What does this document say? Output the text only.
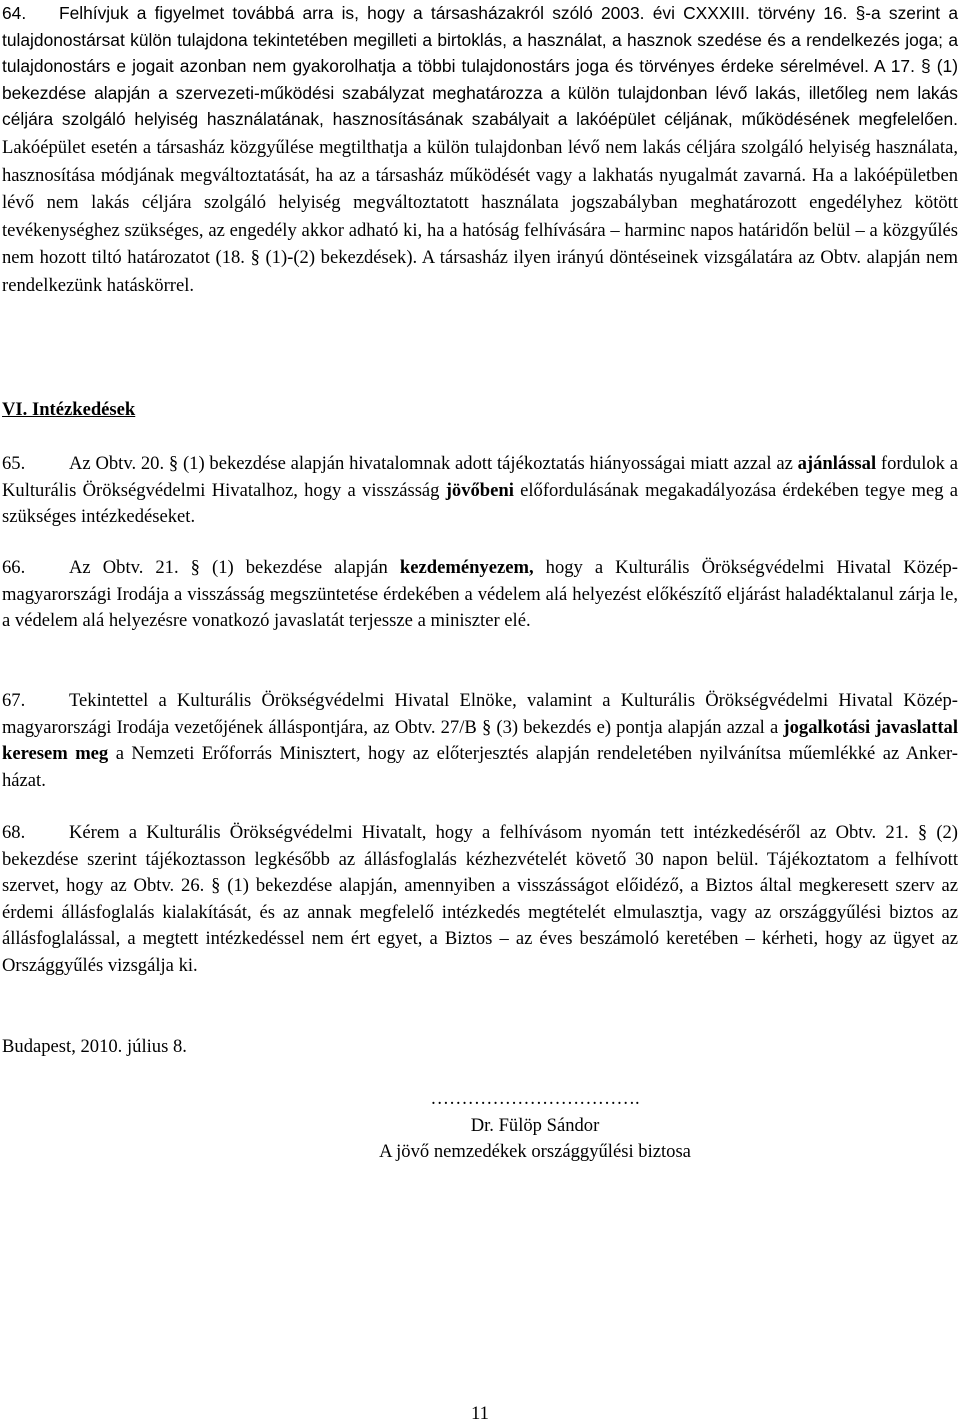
64. Felhívjuk a figyelmet továbbá arra is, hogy a társasházakról szóló 2003. évi CXXXIII. törvény 16. §-a szerint a tulajdonostársat külön tulajdona tekintetében megilleti a birtoklás, a használat, a hasznok szedése és a rendelkezés joga; a tulajdonostárs e jogait azonban nem gyakorolhatja a többi tulajdonostárs joga és törvényes érdeke sérelmével. A 17. § (1) bekezdése alapján a szervezeti-működési szabályzat meghatározza a külön tulajdonban lévő lakás, illetőleg nem lakás céljára szolgáló helyiség használatának, hasznosításának szabályait a lakóépület céljának, működésének megfelelően. Lakóépület esetén a társasház közgyűlése megtilthatja a külön tulajdonban lévő nem lakás céljára szolgáló helyiség használata, hasznosítása módjának megváltoztatását, ha az a társasház működését vagy a lakhatás nyugalmát zavarná. Ha a lakóépületben lévő nem lakás céljára szolgáló helyiség megváltoztatott használata jogszabályban meghatározott engedélyhez kötött tevékenységhez szükséges, az engedély akkor adható ki, ha a hatóság felhívására – harminc napos határidőn belül – a közgyűlés nem hozott tiltó határozatot (18. § (1)-(2) bekezdések). A társasház ilyen irányú döntéseinek vizsgálatára az Obtv. alapján nem rendelkezünk hatáskörrel.

65. Az Obtv. 20. § (1) bekezdése alapján hivatalomnak adott tájékoztatás hiányosságai miatt azzal az ajánlással fordulok a Kulturális Örökségvédelmi Hivatalhoz, hogy a visszásság jövőbeni előfordulásának megakadályozása érdekében tegye meg a szükséges intézkedéseket.

66. Az Obtv. 21. § (1) bekezdése alapján kezdeményezem, hogy a Kulturális Örökségvédelmi Hivatal Közép-magyarországi Irodája a visszásság megszüntetése érdekében a védelem alá helyezést előkészítő eljárást haladéktalanul zárja le, a védelem alá helyezésre vonatkozó javaslatát terjessze a miniszter elé.

67. Tekintettel a Kulturális Örökségvédelmi Hivatal Elnöke, valamint a Kulturális Örökségvédelmi Hivatal Közép-magyarországi Irodája vezetőjének álláspontjára, az Obtv. 27/B § (3) bekezdés e) pontja alapján azzal a jogalkotási javaslattal keresem meg a Nemzeti Erőforrás Minisztert, hogy az előterjesztés alapján rendeletében nyilvánítsa műemlékké az Anker-házat.

68. Kérem a Kulturális Örökségvédelmi Hivatalt, hogy a felhívásom nyomán tett intézkedéséről az Obtv. 21. § (2) bekezdése szerint tájékoztasson legkésőbb az állásfoglalás kézhezvételét követő 30 napon belül. Tájékoztatom a felhívott szervet, hogy az Obtv. 26. § (1) bekezdése alapján, amennyiben a visszásságot előidéző, a Biztos által megkeresett szerv az érdemi állásfoglalás kialakítását, és az annak megfelelő intézkedés megtételét elmulasztja, vagy az országgyűlési biztos az állásfoglalással, a megtett intézkedéssel nem ért egyet, a Biztos – az éves beszámoló keretében – kérheti, hogy az ügyet az Országgyűlés vizsgálja ki.

Budapest, 2010. július 8.
…………………………….
Dr. Fülöp Sándor
A jövő nemzedékek országgyűlési biztosa
11
VI. Intézkedések
